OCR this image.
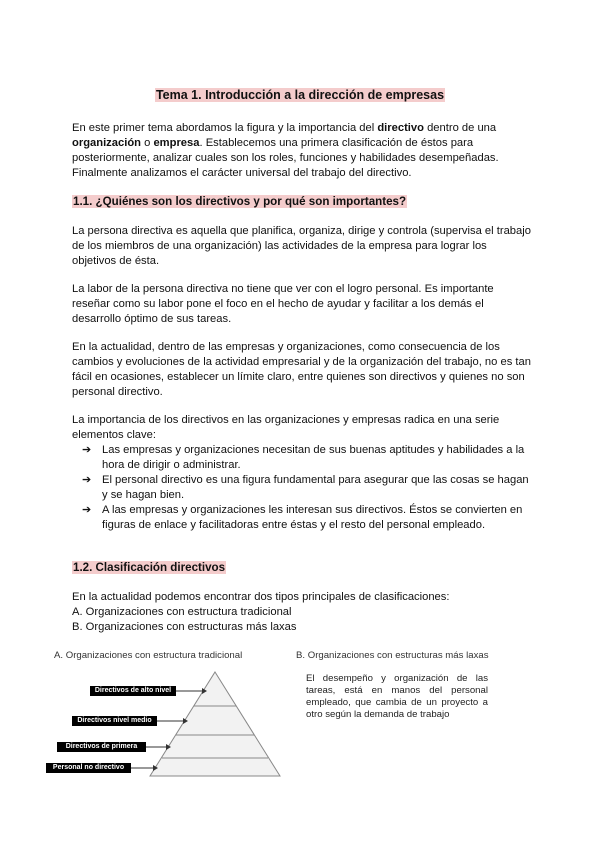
Tema 1. Introducción a la dirección de empresas
En este primer tema abordamos la figura y la importancia del directivo dentro de una organización o empresa. Establecemos una primera clasificación de éstos para posteriormente, analizar cuales son los roles, funciones y habilidades desempeñadas. Finalmente analizamos el carácter universal del trabajo del directivo.
1.1. ¿Quiénes son los directivos y por qué son importantes?
La persona directiva es aquella que planifica, organiza, dirige y controla (supervisa el trabajo de los miembros de una organización) las actividades de la empresa para lograr los objetivos de ésta.
La labor de la persona directiva no tiene que ver con el logro personal. Es importante reseñar como su labor pone el foco en el hecho de ayudar y facilitar a los demás el desarrollo óptimo de sus tareas.
En la actualidad, dentro de las empresas y organizaciones, como consecuencia de los cambios y evoluciones de la actividad empresarial y de la organización del trabajo, no es tan fácil en ocasiones, establecer un límite claro, entre quienes son directivos y quienes no son personal directivo.
La importancia de los directivos en las organizaciones y empresas radica en una serie elementos clave:
➔ Las empresas y organizaciones necesitan de sus buenas aptitudes y habilidades a la hora de dirigir o administrar.
➔ El personal directivo es una figura fundamental para asegurar que las cosas se hagan y se hagan bien.
➔ A las empresas y organizaciones les interesan sus directivos. Éstos se convierten en figuras de enlace y facilitadoras entre éstas y el resto del personal empleado.
1.2. Clasificación directivos
En la actualidad podemos encontrar dos tipos principales de clasificaciones:
A. Organizaciones con estructura tradicional
B. Organizaciones con estructuras más laxas
A. Organizaciones con estructura tradicional	B. Organizaciones con estructuras más laxas
El desempeño y organización de las tareas, está en manos del personal empleado, que cambia de un proyecto a otro según la demanda de trabajo
Directivos de alto nivel
Directivos nivel medio
Directivos de primera línea
Personal no directivo
